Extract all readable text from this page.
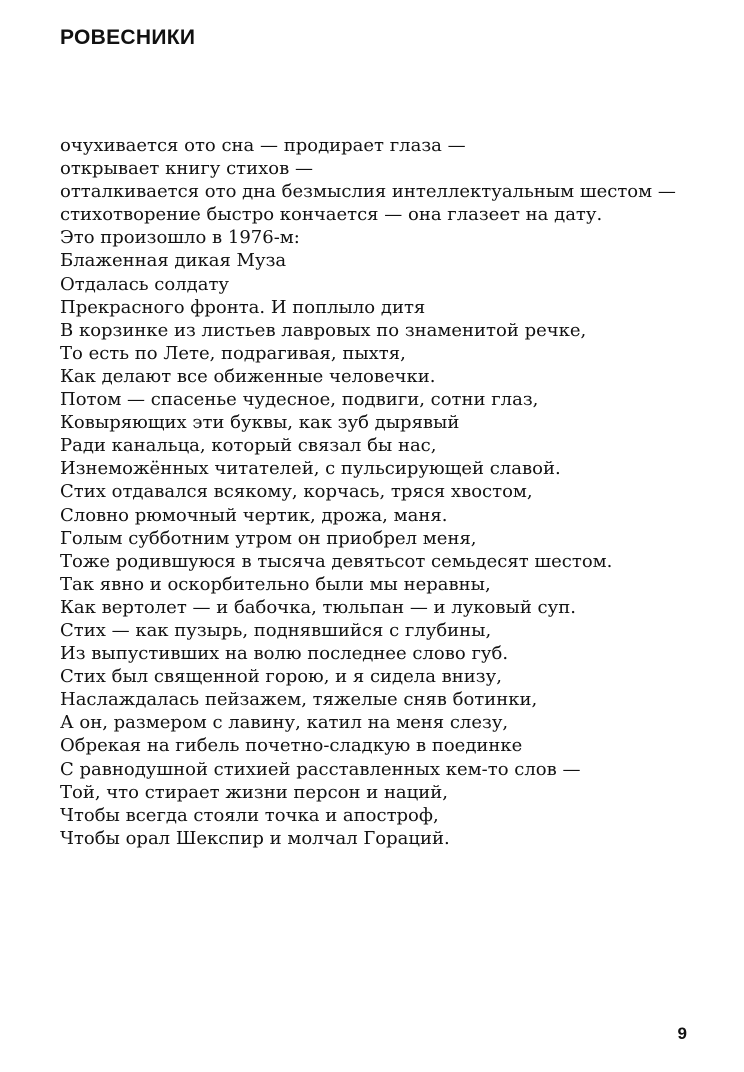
РОВЕСНИКИ
очухивается ото сна — продирает глаза —
открывает книгу стихов —
отталкивается ото дна безмыслия интеллектуальным шестом —
стихотворение быстро кончается — она глазеет на дату.
Это произошло в 1976-м:
Блаженная дикая Муза
Отдалась солдату
Прекрасного фронта. И поплыло дитя
В корзинке из листьев лавровых по знаменитой речке,
То есть по Лете, подрагивая, пыхтя,
Как делают все обиженные человечки.
Потом — спасенье чудесное, подвиги, сотни глаз,
Ковыряющих эти буквы, как зуб дырявый
Ради канальца, который связал бы нас,
Изнеможённых читателей, с пульсирующей славой.
Стих отдавался всякому, корчась, тряся хвостом,
Словно рюмочный чертик, дрожа, маня.
Голым субботним утром он приобрел меня,
Тоже родившуюся в тысяча девятьсот семьдесят шестом.
Так явно и оскорбительно были мы неравны,
Как вертолет — и бабочка, тюльпан — и луковый суп.
Стих — как пузырь, поднявшийся с глубины,
Из выпустивших на волю последнее слово губ.
Стих был священной горою, и я сидела внизу,
Наслаждалась пейзажем, тяжелые сняв ботинки,
А он, размером с лавину, катил на меня слезу,
Обрекая на гибель почетно-сладкую в поединке
С равнодушной стихией расставленных кем-то слов —
Той, что стирает жизни персон и наций,
Чтобы всегда стояли точка и апостроф,
Чтобы орал Шекспир и молчал Гораций.
9
